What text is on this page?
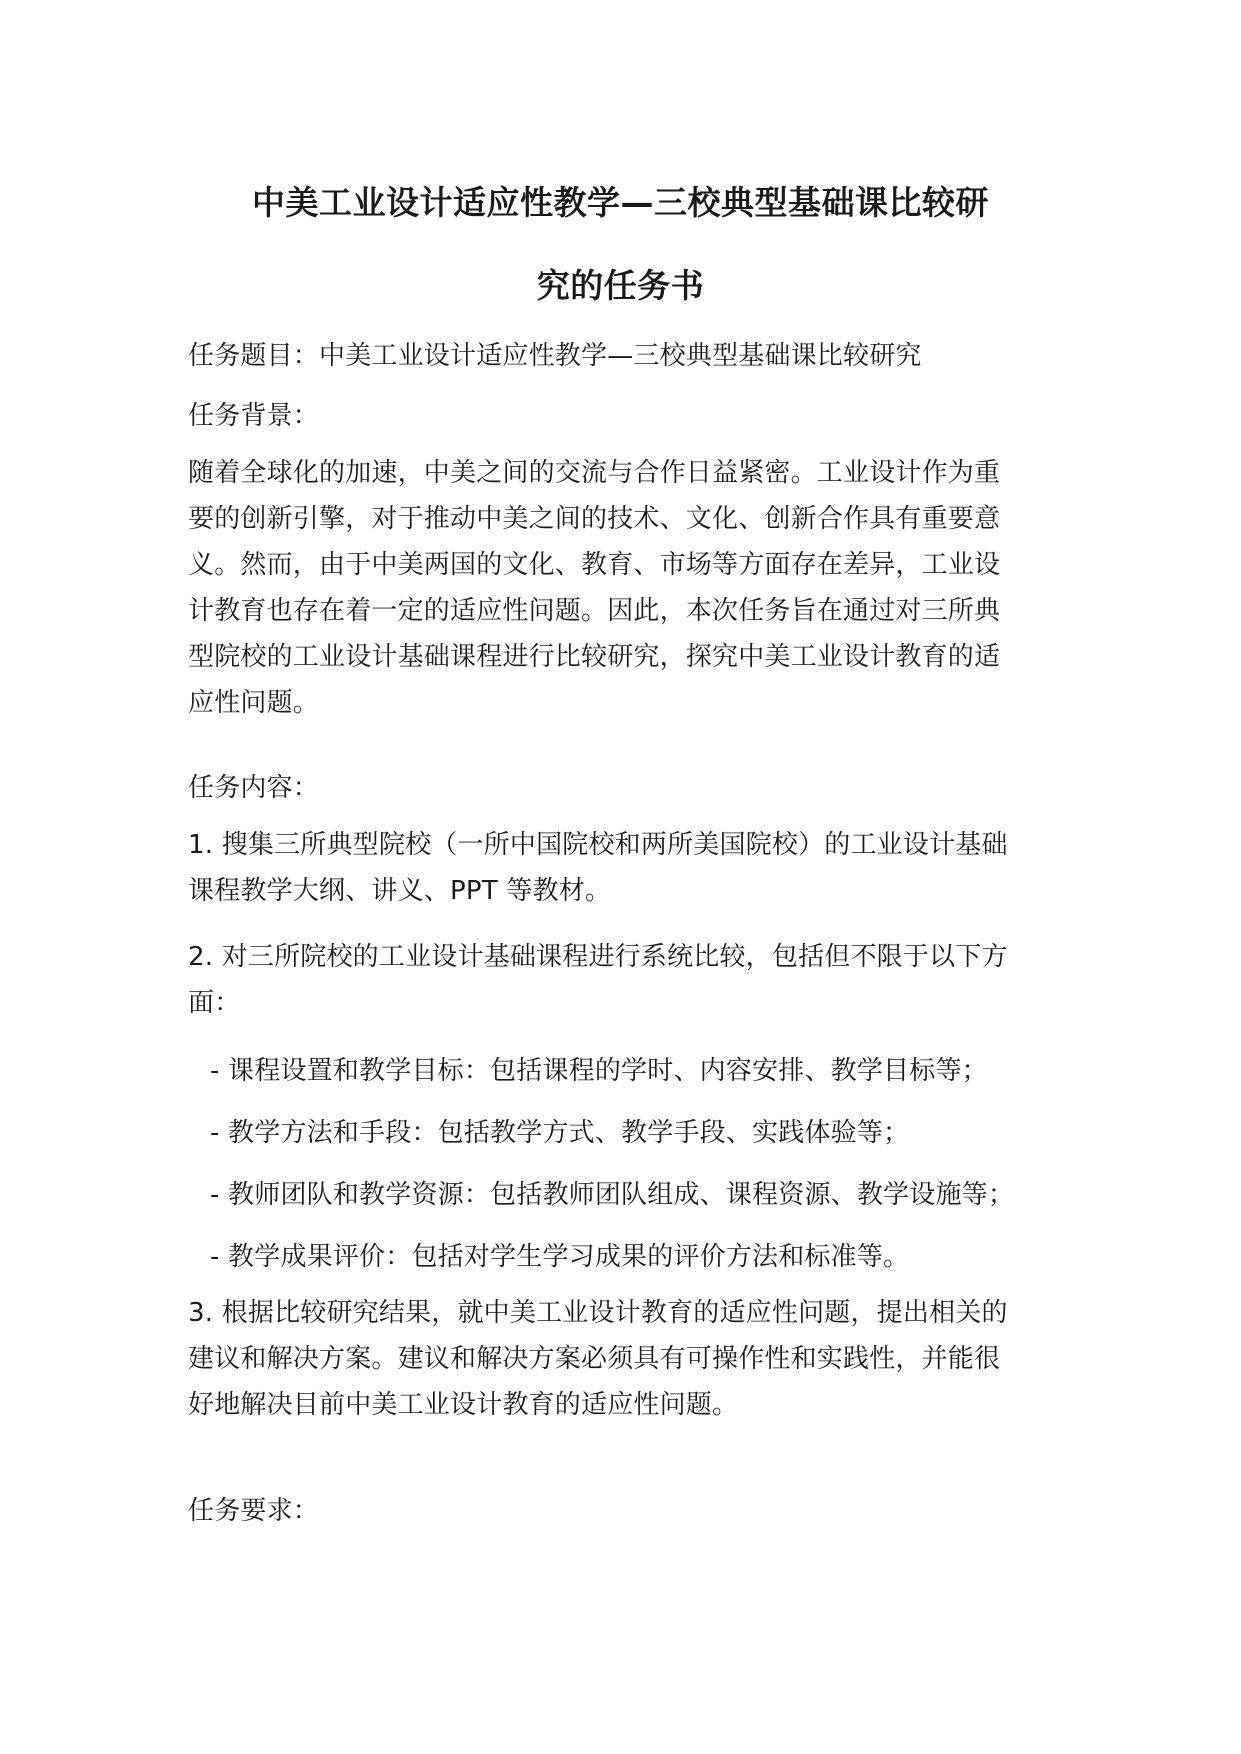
中美工业设计适应性教学—三校典型基础课比较研
究的任务书
任务题目：中美工业设计适应性教学—三校典型基础课比较研究
任务背景：
随着全球化的加速，中美之间的交流与合作日益紧密。工业设计作为重
要的创新引擎，对于推动中美之间的技术、文化、创新合作具有重要意
义。然而，由于中美两国的文化、教育、市场等方面存在差异，工业设
计教育也存在着一定的适应性问题。因此，本次任务旨在通过对三所典
型院校的工业设计基础课程进行比较研究，探究中美工业设计教育的适
应性问题。
任务内容：
1. 搜集三所典型院校（一所中国院校和两所美国院校）的工业设计基础
课程教学大纲、讲义、PPT 等教材。
2. 对三所院校的工业设计基础课程进行系统比较，包括但不限于以下方
面：
- 课程设置和教学目标：包括课程的学时、内容安排、教学目标等；
- 教学方法和手段：包括教学方式、教学手段、实践体验等；
- 教师团队和教学资源：包括教师团队组成、课程资源、教学设施等；
- 教学成果评价：包括对学生学习成果的评价方法和标准等。
3. 根据比较研究结果，就中美工业设计教育的适应性问题，提出相关的
建议和解决方案。建议和解决方案必须具有可操作性和实践性，并能很
好地解决目前中美工业设计教育的适应性问题。
任务要求：
